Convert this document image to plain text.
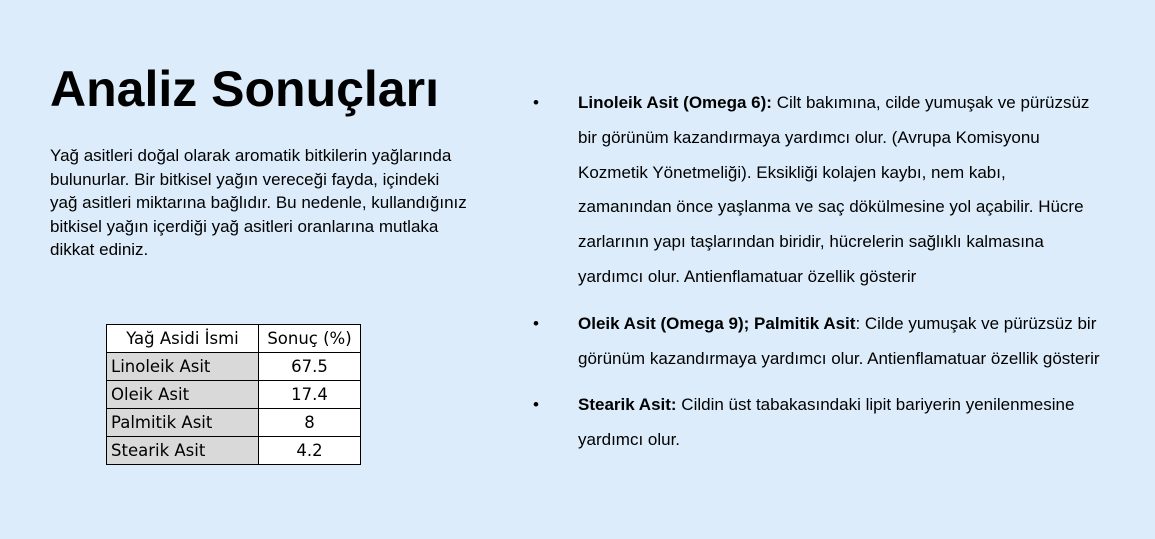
Analiz Sonuçları

Yağ asitleri doğal olarak aromatik bitkilerin yağlarında bulunurlar. Bir bitkisel yağın vereceği fayda, içindeki yağ asitleri miktarına bağlıdır. Bu nedenle, kullandığınız bitkisel yağın içerdiği yağ asitleri oranlarına mutlaka dikkat ediniz.

Yağ Asidi İsmi	Sonuç (%)
Linoleik Asit	67.5
Oleik Asit	17.4
Palmitik Asit	8
Stearik Asit	4.2
• Linoleik Asit (Omega 6): Cilt bakımına, cilde yumuşak ve pürüzsüz bir görünüm kazandırmaya yardımcı olur. (Avrupa Komisyonu Kozmetik Yönetmeliği). Eksikliği kolajen kaybı, nem kabı, zamanından önce yaşlanma ve saç dökülmesine yol açabilir. Hücre zarlarının yapı taşlarından biridir, hücrelerin sağlıklı kalmasına yardımcı olur. Antienflamatuar özellik gösterir
• Oleik Asit (Omega 9); Palmitik Asit: Cilde yumuşak ve pürüzsüz bir görünüm kazandırmaya yardımcı olur. Antienflamatuar özellik gösterir
• Stearik Asit: Cildin üst tabakasındaki lipit bariyerin yenilenmesine yardımcı olur.
